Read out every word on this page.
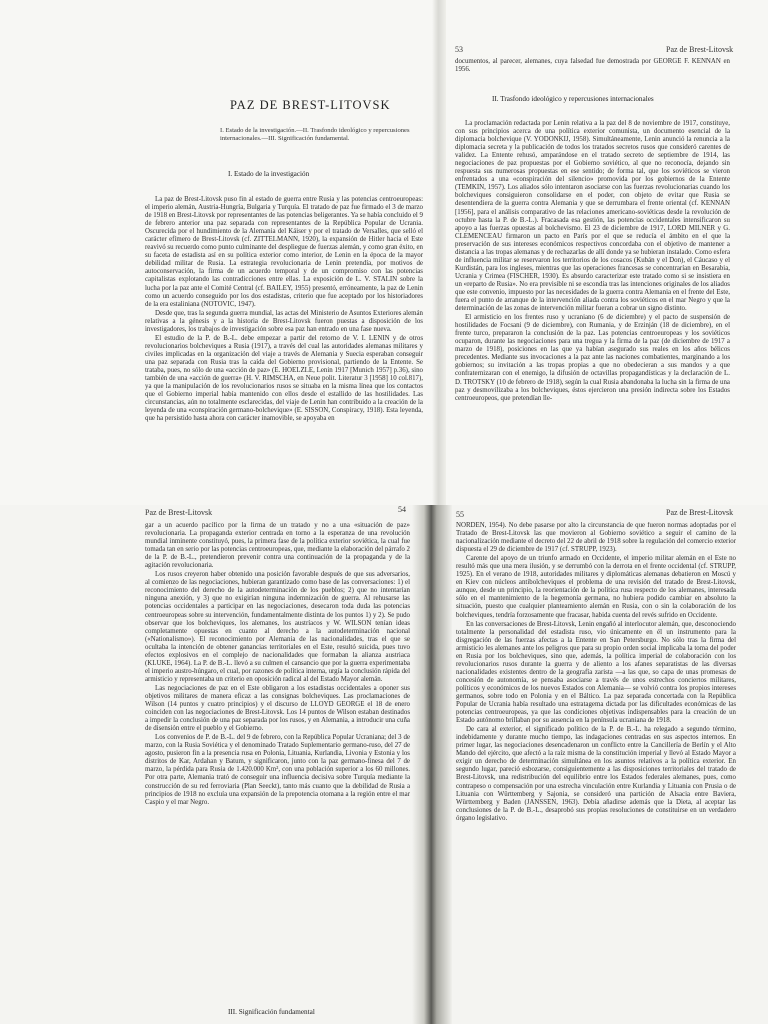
PAZ DE BREST-LITOVSK
I. Estado de la investigación.—II. Trasfondo ideológico y repercusiones internacionales.—III. Significación fundamental.
I. Estado de la investigación

La paz de Brest-Litovsk puso fin al estado de guerra entre Rusia y las potencias centroeuropeas: el imperio alemán, Austria-Hungría, Bulgaria y Turquía. El tratado de paz fue firmado el 3 de marzo de 1918 en Brest-Litovsk por representantes de las potencias beligerantes. Ya se había concluido el 9 de febrero anterior una paz separada con representantes de la República Popular de Ucrania. Oscurecida por el hundimiento de la Alemania del Káiser y por el tratado de Versalles, que selló el carácter efímero de Brest-Litovsk (cf. ZITTELMANN, 1920), la expansión de Hitler hacia el Este reavivó su recuerdo como punto culminante del despliegue de fuerzas alemán, y como gran éxito, en su faceta de estadista así en su política exterior como interior, de Lenin en la época de la mayor debilidad militar de Rusia. La estrategia revolucionaria de Lenin pretendía, por motivos de autoconservación, la firma de un acuerdo temporal y de un compromiso con las potencias capitalistas explotando las contradicciones entre ellas. La exposición de L. V. STALIN sobre la lucha por la paz ante el Comité Central (cf. BAILEY, 1955) presentó, erróneamente, la paz de Lenin como un acuerdo conseguido por los dos estadistas, criterio que fue aceptado por los historiadores de la era estaliniana (NOTOVIC, 1947).

Desde que, tras la segunda guerra mundial, las actas del Ministerio de Asuntos Exteriores alemán relativas a la génesis y a la historia de Brest-Litovsk fueron puestas a disposición de los investigadores, los trabajos de investigación sobre esa paz han entrado en una fase nueva.

El estudio de la P. de B.-L. debe empezar a partir del retorno de V. I. LENIN y de otros revolucionarios bolcheviques a Rusia (1917), a través del cual las autoridades alemanas militares y civiles implicadas en la organización del viaje a través de Alemania y Suecia esperaban conseguir una paz separada con Rusia tras la caída del Gobierno provisional, partiendo de la Entente. Se trataba, pues, no sólo de una «acción de paz» (E. HOELZLE, Lenin 1917 [Munich 1957] p.36), sino también de una «acción de guerra» (H. V. RIMSCHA, en Neue polit. Literatur 3 [1958] 10 col.817), ya que la manipulación de los revolucionarios rusos se situaba en la misma línea que los contactos que el Gobierno imperial había mantenido con ellos desde el estallido de las hostilidades. Las circunstancias, aún no totalmente esclarecidas, del viaje de Lenin han contribuido a la creación de la leyenda de una «conspiración germano-bolchevique» (E. SISSON, Conspiracy, 1918). Esta leyenda, que ha persistido hasta ahora con carácter inamovible, se apoyaba en

53	Paz de Brest-Litovsk

documentos, al parecer, alemanes, cuya falsedad fue demostrada por GEORGE F. KENNAN en 1956.

II. Trasfondo ideológico y repercusiones internacionales

La proclamación redactada por Lenin relativa a la paz del 8 de noviembre de 1917, constituye, con sus principios acerca de una política exterior comunista, un documento esencial de la diplomacia bolchevique (V. YODONKIJ, 1958). Simultáneamente, Lenin anunció la renuncia a la diplomacia secreta y la publicación de todos los tratados secretos rusos que consideró carentes de validez. La Entente rehusó, amparándose en el tratado secreto de septiembre de 1914, las negociaciones de paz propuestas por el Gobierno soviético, al que no reconocía, dejando sin respuesta sus numerosas propuestas en ese sentido; de forma tal, que los soviéticos se vieron enfrentados a una «conspiración del silencio» promovida por los gobiernos de la Entente (TEMKIN, 1957). Los aliados sólo intentaron asociarse con las fuerzas revolucionarias cuando los bolcheviques consiguieron consolidarse en el poder, con objeto de evitar que Rusia se desentendiera de la guerra contra Alemania y que se derrumbara el frente oriental (cf. KENNAN [1956], para el análisis comparativo de las relaciones americano-soviéticas desde la revolución de octubre hasta la P. de B.-L.). Fracasada esa gestión, las potencias occidentales intensificaron su apoyo a las fuerzas opuestas al bolchevismo. El 23 de diciembre de 1917, LORD MILNER y G. CLEMENCEAU firmaron un pacto en París por el que se reducía el ámbito en el que la preservación de sus intereses económicos respectivos concordaba con el objetivo de mantener a distancia a las tropas alemanas y de rechazarlas de allí donde ya se hubieran instalado. Como esfera de influencia militar se reservaron los territorios de los cosacos (Kubán y el Don), el Cáucaso y el Kurdistán, para los ingleses, mientras que las operaciones francesas se concentrarían en Besarabia, Ucrania y Crimea (FISCHER, 1930). Es absurdo caracterizar este tratado como si se insistiera en un «reparto de Rusia». No era previsible ni se escondía tras las intenciones originales de los aliados que este convenio, impuesto por las necesidades de la guerra contra Alemania en el frente del Este, fuera el punto de arranque de la intervención aliada contra los soviéticos en el mar Negro y que la determinación de las zonas de intervención militar fueran a cobrar un signo distinto.

El armisticio en los frentes ruso y ucraniano (6 de diciembre) y el pacto de suspensión de hostilidades de Focsani (9 de diciembre), con Rumania, y de Erzinján (18 de diciembre), en el frente turco, prepararon la conclusión de la paz. Las potencias centroeuropeas y los soviéticos ocuparon, durante las negociaciones para una tregua y la firma de la paz (de diciembre de 1917 a marzo de 1918), posiciones en las que ya habían asegurado sus reales en los años bélicos precedentes. Mediante sus invocaciones a la paz ante las naciones combatientes, marginando a los gobiernos; su invitación a las tropas propias a que no obedecieran a sus mandos y a que confraternizaran con el enemigo, la difusión de octavillas propagandísticas y la declaración de L. D. TROTSKY (10 de febrero de 1918), según la cual Rusia abandonaba la lucha sin la firma de una paz y desmovilizaba a los bolcheviques, éstos ejercieron una presión indirecta sobre los Estados centroeuropeos, que pretendían lle-

Paz de Brest-Litovsk	54

gar a un acuerdo pacífico por la firma de un tratado y no a una «situación de paz» revolucionaria. La propaganda exterior centrada en torno a la esperanza de una revolución mundial inminente constituyó, pues, la primera fase de la política exterior soviética, la cual fue tomada tan en serio por las potencias centroeuropeas, que, mediante la elaboración del párrafo 2 de la P. de B.-L., pretendieron prevenir contra una continuación de la propaganda y de la agitación revolucionaria.

Los rusos creyeron haber obtenido una posición favorable después de que sus adversarios, al comienzo de las negociaciones, hubieran garantizado como base de las conversaciones: 1) el reconocimiento del derecho de la autodeterminación de los pueblos; 2) que no intentarían ninguna anexión, y 3) que no exigirían ninguna indemnización de guerra. Al rehusarse las potencias occidentales a participar en las negociaciones, desecaron toda duda las potencias centroeuropeas sobre su intervención, fundamentalmente distinta de los puntos 1) y 2). Se pudo observar que los bolcheviques, los alemanes, los austríacos y W. WILSON tenían ideas completamente opuestas en cuanto al derecho a la autodeterminación nacional («Nationalismo»). El reconocimiento por Alemania de las nacionalidades, tras el que se ocultaba la intención de obtener ganancias territoriales en el Este, resultó suicida, pues tuvo efectos explosivos en el complejo de nacionalidades que formaban la alianza austriaca (KLUKE, 1964). La P. de B.-L. llevó a su culmen el cansancio que por la guerra experimentaba el imperio austro-húngaro, el cual, por razones de política interna, urgía la conclusión rápida del armisticio y representaba un criterio en oposición radical al del Estado Mayor alemán.

Las negociaciones de paz en el Este obligaron a los estadistas occidentales a oponer sus objetivos militares de manera eficaz a las consignas bolcheviques. Las proclamaciones de Wilson (14 puntos y cuatro principios) y el discurso de LLOYD GEORGE el 18 de enero coinciden con las negociaciones de Brest-Litovsk. Los 14 puntos de Wilson estaban destinados a impedir la conclusión de una paz separada por los rusos, y en Alemania, a introducir una cuña de disensión entre el pueblo y el Gobierno.

Los convenios de P. de B.-L. del 9 de febrero, con la República Popular Ucraniana; del 3 de marzo, con la Rusia Soviética y el denominado Tratado Suplementario germano-ruso, del 27 de agosto, pusieron fin a la presencia rusa en Polonia, Lituania, Kurlandia, Livonia y Estonia y los distritos de Kar, Ardahan y Batum, y significaron, junto con la paz germano-finesa del 7 de marzo, la pérdida para Rusia de 1.420.000 Km², con una población superior a los 60 millones. Por otra parte, Alemania trató de conseguir una influencia decisiva sobre Turquía mediante la construcción de su red ferroviaria (Plan Seeckt), tanto más cuanto que la debilidad de Rusia a principios de 1918 no excluía una expansión de la prepotencia otomana a la región entre el mar Caspio y el mar Negro.

III. Significación fundamental
55	Paz de Brest-Litovsk

NORDEN, 1954). No debe pasarse por alto la circunstancia de que fueron normas adoptadas por el Tratado de Brest-Litovsk las que movieron al Gobierno soviético a seguir el camino de la nacionalización mediante el decreto del 22 de abril de 1918 sobre la regulación del comercio exterior dispuesta el 29 de diciembre de 1917 (cf. STRUPP, 1923).

Carente del apoyo de un triunfo armado en Occidente, el imperio militar alemán en el Este no resultó más que una mera ilusión, y se derrumbó con la derrota en el frente occidental (cf. STRUPP, 1925). En el verano de 1918, autoridades militares y diplomáticas alemanas debatieron en Moscú y en Kiev con núcleos antibolcheviques el problema de una revisión del tratado de Brest-Litovsk, aunque, desde un principio, la reorientación de la política rusa respecto de los alemanes, interesada sólo en el mantenimiento de la hegemonía germana, no hubiera podido cambiar en absoluto la situación, puesto que cualquier planteamiento alemán en Rusia, con o sin la colaboración de los bolcheviques, tendría forzosamente que fracasar, habida cuenta del revés sufrido en Occidente.

En las conversaciones de Brest-Litovsk, Lenin engañó al interlocutor alemán, que, desconociendo totalmente la personalidad del estadista ruso, vio únicamente en él un instrumento para la disgregación de las fuerzas afectas a la Entente en San Petersburgo. No sólo tras la firma del armisticio les alemanes ante los peligros que para su propio orden social implicaba la toma del poder en Rusia por los bolcheviques, sino que, además, la política imperial de colaboración con los revolucionarios rusos durante la guerra y de aliento a los afanes separatistas de las diversas nacionalidades existentes dentro de la geografía zarista —a las que, so capa de unas promesas de concesión de autonomía, se pensaba asociarse a través de unos estrechos conciertos militares, políticos y económicos de los nuevos Estados con Alemania— se volvió contra los propios intereses germanos, sobre todo en Polonia y en el Báltico. La paz separada concertada con la República Popular de Ucrania había resultado una estratagema dictada por las dificultades económicas de las potencias centroeuropeas, ya que las condiciones objetivas indispensables para la creación de un Estado autónomo brillaban por su ausencia en la península ucraniana de 1918.

De cara al exterior, el significado político de la P. de B.-L. ha relegado a segundo término, indebidamente y durante mucho tiempo, las indagaciones centradas en sus aspectos internos. En primer lugar, las negociaciones desencadenaron un conflicto entre la Cancillería de Berlín y el Alto Mando del ejército, que afectó a la raíz misma de la constitución imperial y llevó al Estado Mayor a exigir un derecho de determinación simultánea en los asuntos relativos a la política exterior. En segundo lugar, pareció esbozarse, consiguientemente a las disposiciones territoriales del tratado de Brest-Litovsk, una redistribución del equilibrio entre los Estados federales alemanes, pues, como contrapeso o compensación por una estrecha vinculación entre Kurlandia y Lituania con Prusia o de Lituania con Württemberg y Sajonia, se consideró una partición de Alsacia entre Baviera, Württemberg y Baden (JANSSEN, 1963). Debía añadirse además que la Dieta, al aceptar las conclusiones de la P. de B.-L., desaprobó sus propias resoluciones de constituirse en un verdadero órgano legislativo.
